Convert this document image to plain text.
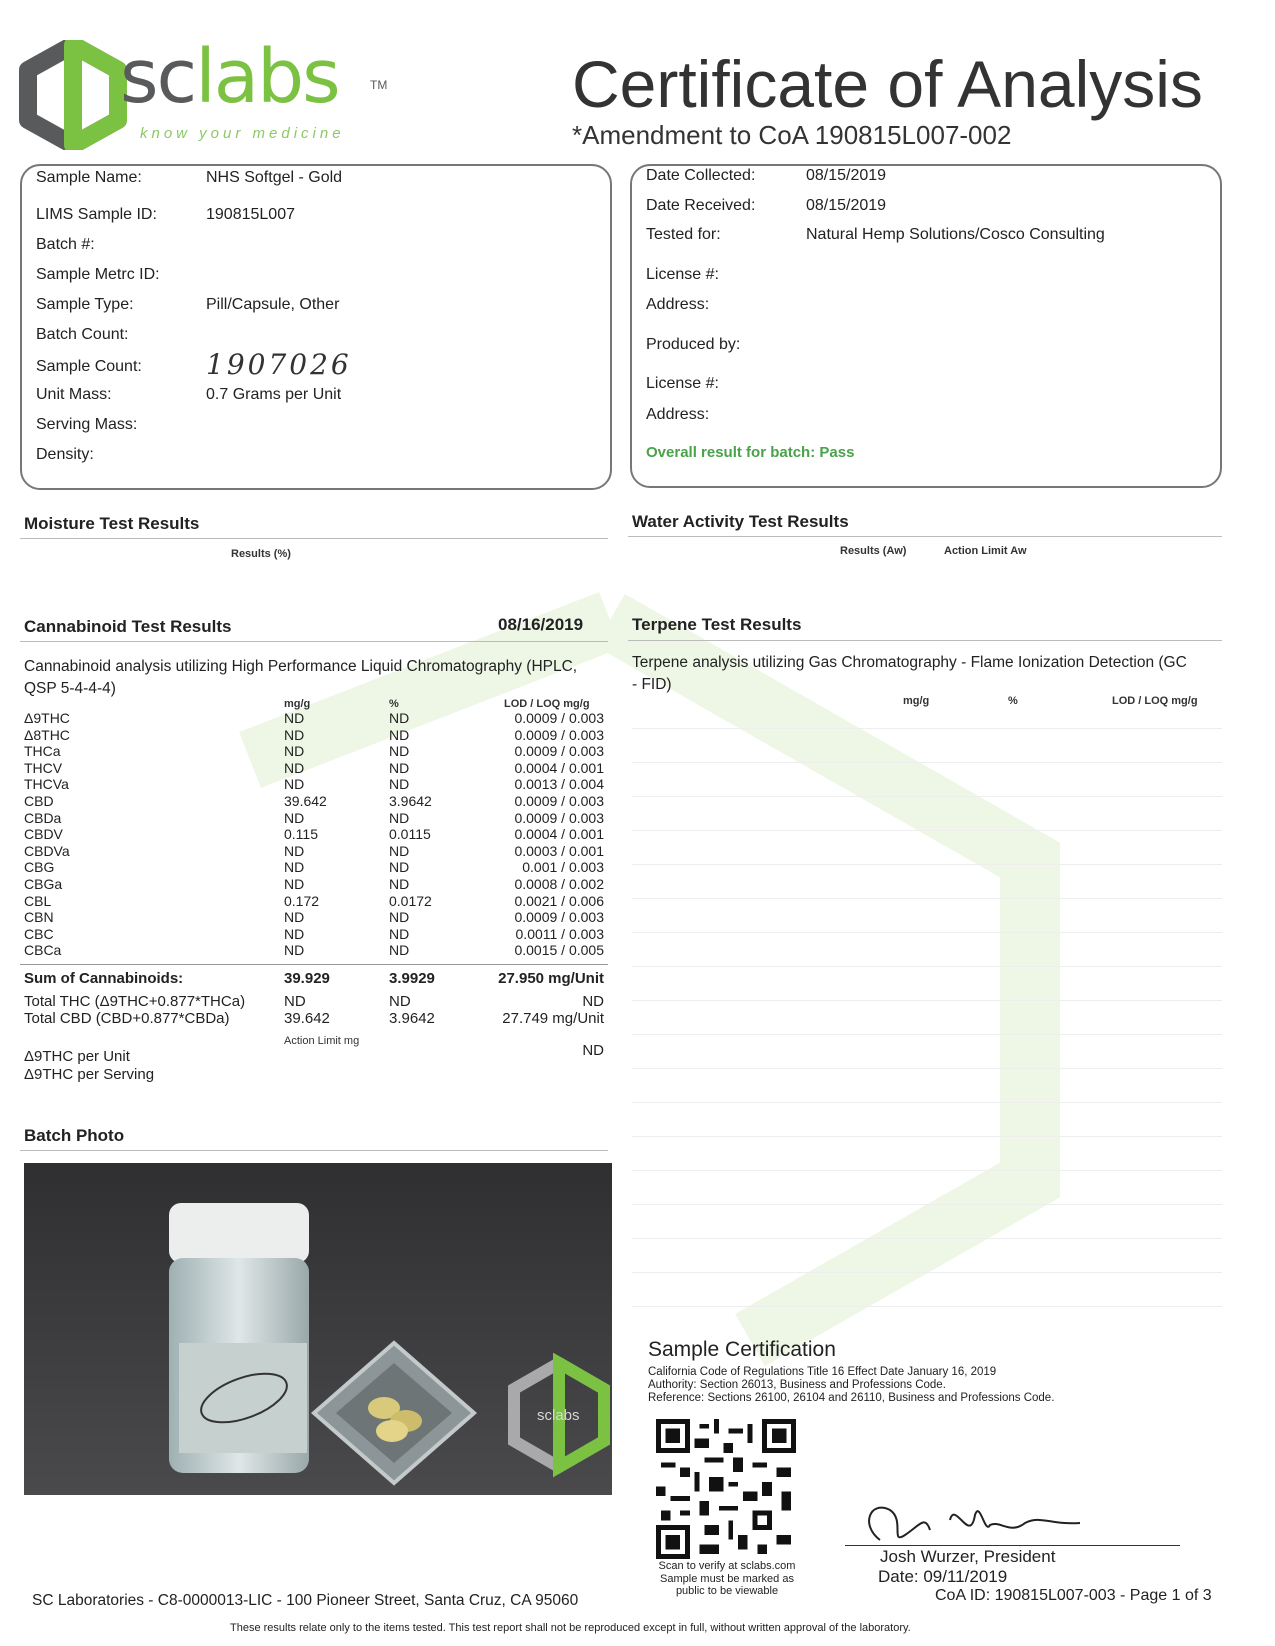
sclabs	TM
know your medicine
Certificate of Analysis
*Amendment to CoA 190815L007-002
Sample Name:	NHS Softgel - Gold
LIMS Sample ID:	190815L007
Batch #:
Sample Metrc ID:
Sample Type:	Pill/Capsule, Other
Batch Count:
Sample Count:	1907026
Unit Mass:	0.7 Grams per Unit
Serving Mass:
Density:
Date Collected:	08/15/2019
Date Received:	08/15/2019
Tested for:	Natural Hemp Solutions/Cosco Consulting
License #:
Address:
Produced by:
License #:
Address:
Overall result for batch: Pass
Moisture Test Results
Results (%)
Water Activity Test Results
Results (Aw)	Action Limit Aw
Cannabinoid Test Results	08/16/2019
Cannabinoid analysis utilizing High Performance Liquid Chromatography (HPLC, QSP 5-4-4-4)
mg/g	%	LOD / LOQ mg/g
Δ9THC	ND	ND	0.0009 / 0.003
Δ8THC	ND	ND	0.0009 / 0.003
THCa	ND	ND	0.0009 / 0.003
THCV	ND	ND	0.0004 / 0.001
THCVa	ND	ND	0.0013 / 0.004
CBD	39.642	3.9642	0.0009 / 0.003
CBDa	ND	ND	0.0009 / 0.003
CBDV	0.115	0.0115	0.0004 / 0.001
CBDVa	ND	ND	0.0003 / 0.001
CBG	ND	ND	0.001 / 0.003
CBGa	ND	ND	0.0008 / 0.002
CBL	0.172	0.0172	0.0021 / 0.006
CBN	ND	ND	0.0009 / 0.003
CBC	ND	ND	0.0011 / 0.003
CBCa	ND	ND	0.0015 / 0.005
Sum of Cannabinoids:	39.929	3.9929	27.950 mg/Unit
Total THC (Δ9THC+0.877*THCa)	ND	ND	ND
Total CBD (CBD+0.877*CBDa)	39.642	3.9642	27.749 mg/Unit
Action Limit mg
Δ9THC per Unit	ND
Δ9THC per Serving
Terpene Test Results
Terpene analysis utilizing Gas Chromatography - Flame Ionization Detection (GC - FID)
mg/g	%	LOD / LOQ mg/g
Batch Photo
sclabs
Sample Certification
California Code of Regulations Title 16 Effect Date January 16, 2019
Authority: Section 26013, Business and Professions Code.
Reference: Sections 26100, 26104 and 26110, Business and Professions Code.
Scan to verify at sclabs.com
Sample must be marked as
public to be viewable
Josh Wurzer, President
Date: 09/11/2019
CoA ID: 190815L007-003 - Page 1 of 3
SC Laboratories - C8-0000013-LIC - 100 Pioneer Street, Santa Cruz, CA 95060
These results relate only to the items tested. This test report shall not be reproduced except in full, without written approval of the laboratory.
